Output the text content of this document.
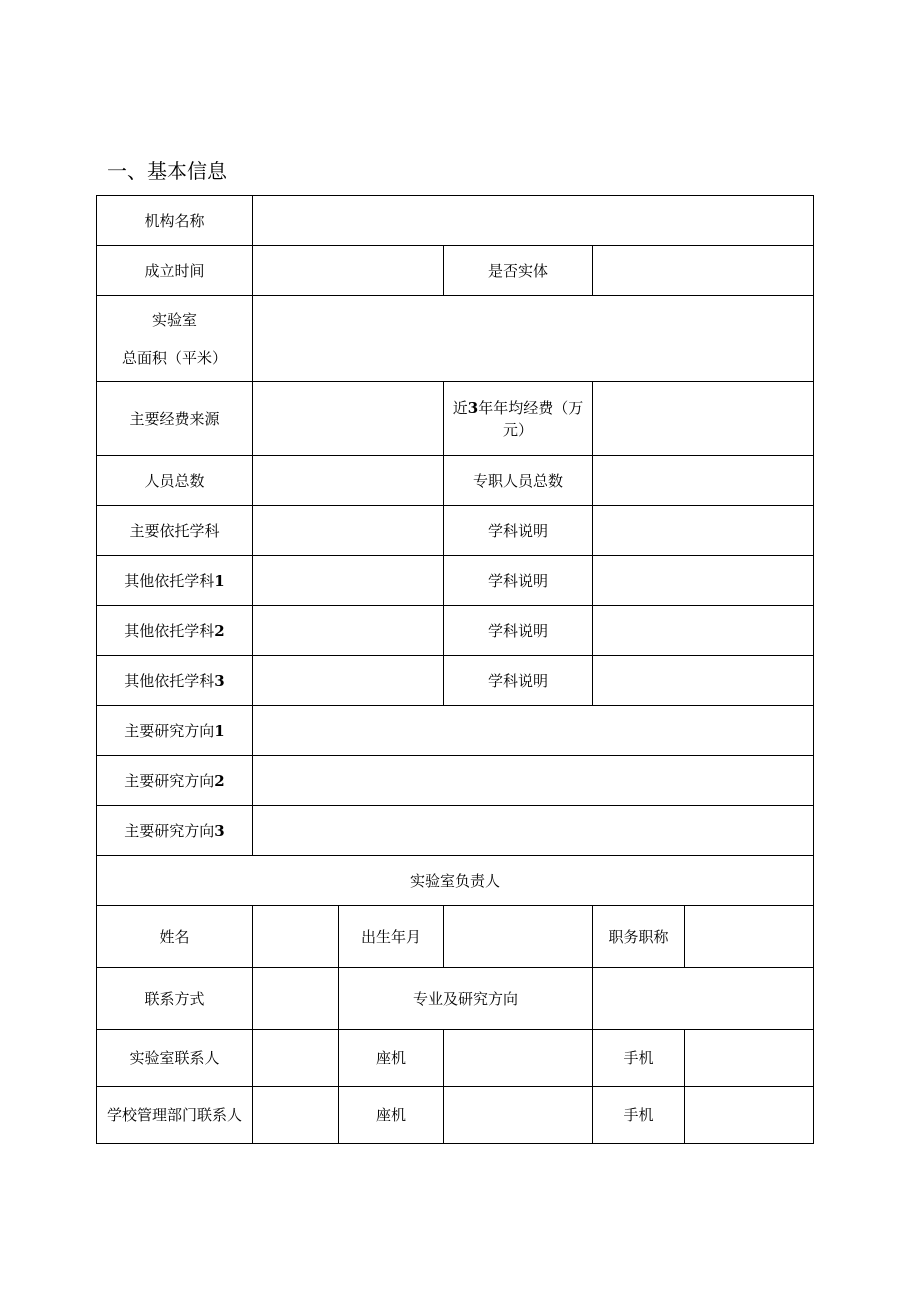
一、基本信息
机构名称					
成立时间			是否实体		

实验室
总面积（平米）					

主要经费来源			近3年年均经费（万元）		
人员总数			专职人员总数		
主要依托学科			学科说明		
其他依托学科1			学科说明		
其他依托学科2			学科说明		
其他依托学科3			学科说明		
主要研究方向1					
主要研究方向2					
主要研究方向3					
实验室负责人					
姓名		出生年月		职务职称	
联系方式		专业及研究方向			
实验室联系人		座机		手机	
学校管理部门联系人		座机		手机	
